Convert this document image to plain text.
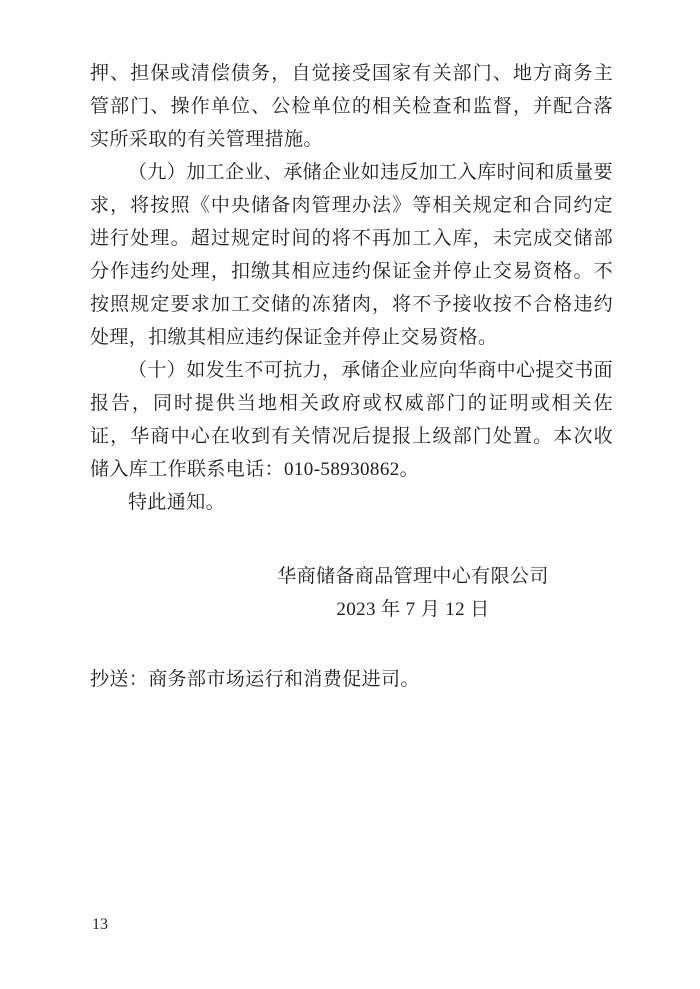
押、担保或清偿债务，自觉接受国家有关部门、地方商务主管部门、操作单位、公检单位的相关检查和监督，并配合落实所采取的有关管理措施。

（九）加工企业、承储企业如违反加工入库时间和质量要求，将按照《中央储备肉管理办法》等相关规定和合同约定进行处理。超过规定时间的将不再加工入库，未完成交储部分作违约处理，扣缴其相应违约保证金并停止交易资格。不按照规定要求加工交储的冻猪肉，将不予接收按不合格违约处理，扣缴其相应违约保证金并停止交易资格。

（十）如发生不可抗力，承储企业应向华商中心提交书面报告，同时提供当地相关政府或权威部门的证明或相关佐证，华商中心在收到有关情况后提报上级部门处置。本次收储入库工作联系电话：010-58930862。

特此通知。

华商储备商品管理中心有限公司

2023 年 7 月 12 日

抄送：商务部市场运行和消费促进司。

13
